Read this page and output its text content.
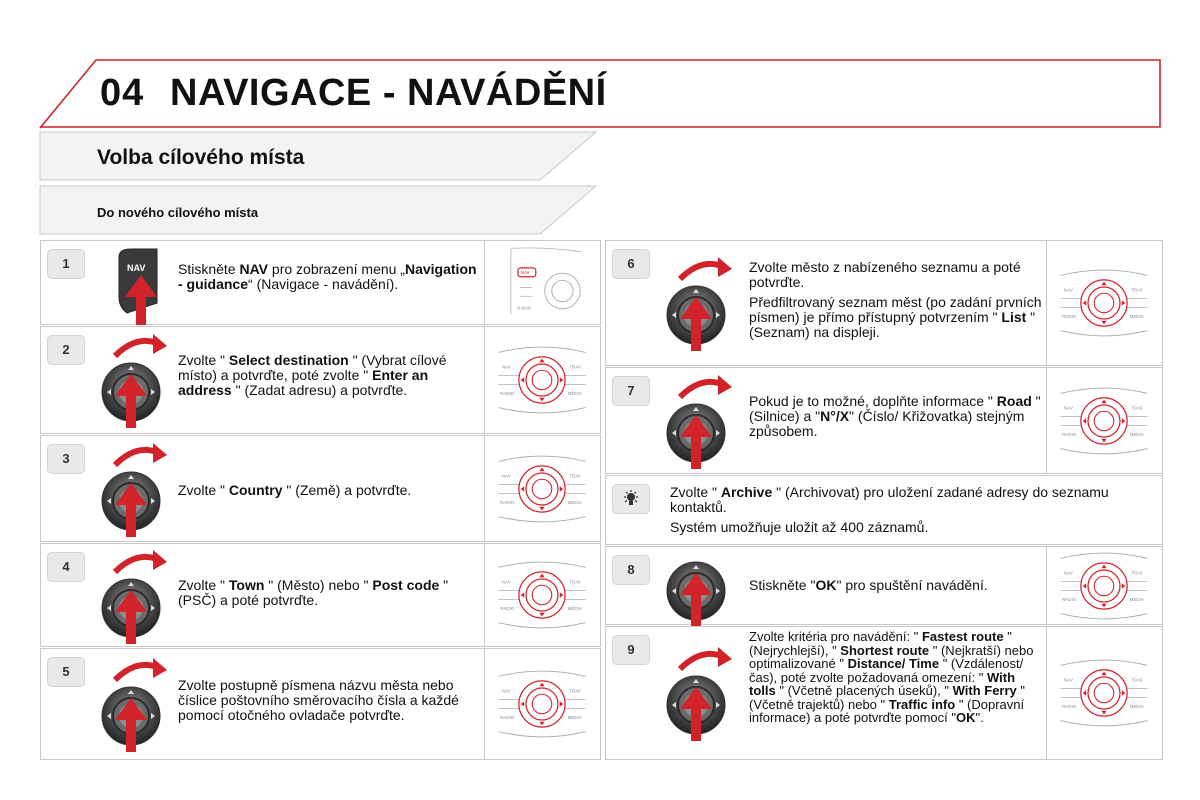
04 NAVIGACE - NAVÁDĚNÍ
Volba cílového místa
Do nového cílového místa
1	NAV	NAV
RADIO
2
NAV	TRAF
RADIO	MEDIA
3
NAV	TRAF
RADIO	MEDIA
4
NAV	TRAF
RADIO	MEDIA
5
NAV	TRAF
RADIO	MEDIA
6
NAV	TRAF
RADIO	MEDIA
7
NAV	TRAF
RADIO	MEDIA
8	NAV	TRAF
RADIO	MEDIA
9
NAV	TRAF
RADIO	MEDIA

Stiskněte NAV pro zobrazení menu „Navigation - guidance“ (Navigace - navádění).

Zvolte " Select destination " (Vybrat cílové místo) a potvrďte, poté zvolte " Enter an address " (Zadat adresu) a potvrďte.

Zvolte " Country " (Země) a potvrďte.

Zvolte " Town " (Město) nebo " Post code " (PSČ) a poté potvrďte.

Zvolte postupně písmena názvu města nebo číslice poštovního směrovacího čísla a každé pomocí otočného ovladače potvrďte.

Zvolte město z nabízeného seznamu a poté potvrďte.

Předfiltrovaný seznam měst (po zadání prvních písmen) je přímo přístupný potvrzením " List " (Seznam) na displeji.

Pokud je to možné, doplňte informace " Road " (Silnice) a "N°/X" (Číslo/ Křižovatka) stejným způsobem.

Zvolte " Archive " (Archivovat) pro uložení zadané adresy do seznamu kontaktů.

Systém umožňuje uložit až 400 záznamů.

Stiskněte "OK" pro spuštění navádění.

Zvolte kritéria pro navádění: " Fastest route " (Nejrychlejší), " Shortest route " (Nejkratší) nebo optimalizované " Distance/ Time " (Vzdálenost/čas), poté zvolte požadovaná omezení: " With tolls " (Včetně placených úseků), " With Ferry " (Včetně trajektů) nebo " Traffic info " (Dopravní informace) a poté potvrďte pomocí "OK".
